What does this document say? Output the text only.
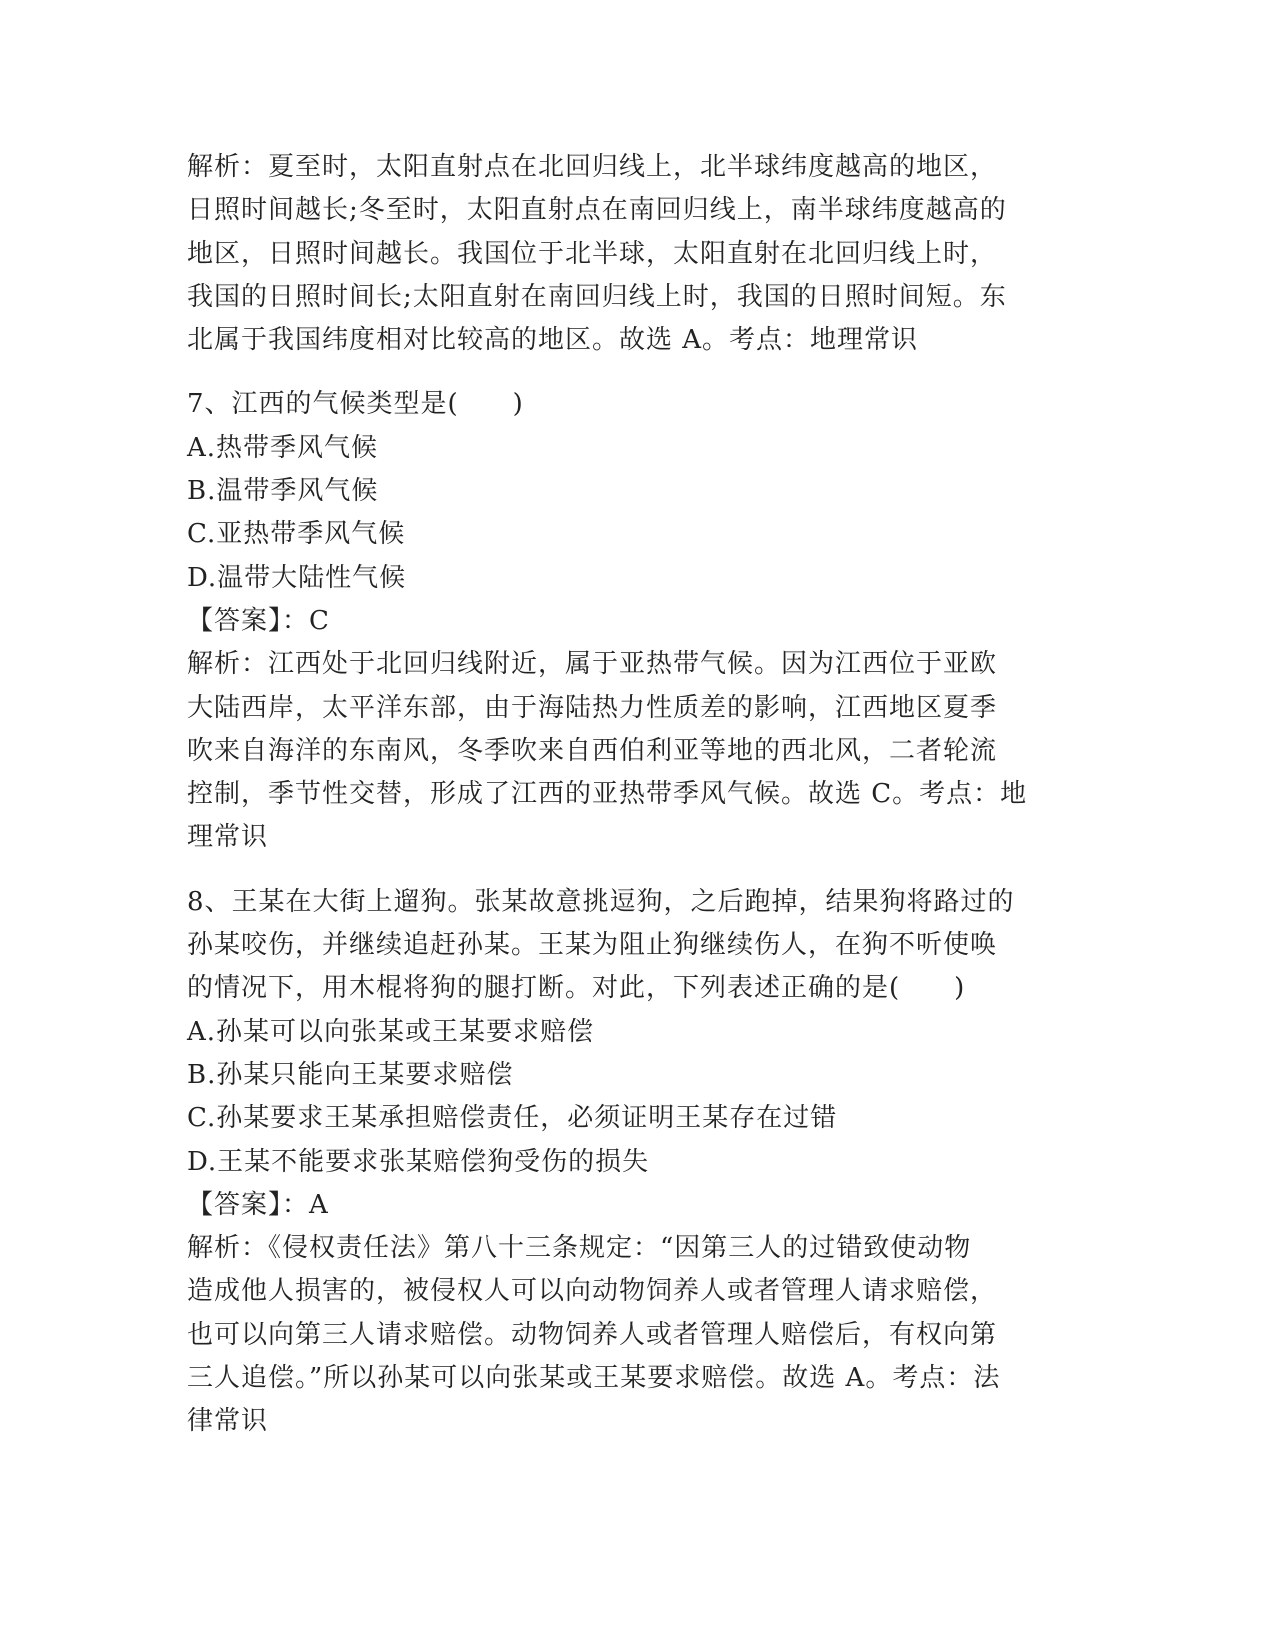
解析：夏至时，太阳直射点在北回归线上，北半球纬度越高的地区，
日照时间越长;冬至时，太阳直射点在南回归线上，南半球纬度越高的
地区，日照时间越长。我国位于北半球，太阳直射在北回归线上时，
我国的日照时间长;太阳直射在南回归线上时，我国的日照时间短。东
北属于我国纬度相对比较高的地区。故选 A。考点：地理常识
7、江西的气候类型是(　　)
A.热带季风气候
B.温带季风气候
C.亚热带季风气候
D.温带大陆性气候
【答案】：C
解析：江西处于北回归线附近，属于亚热带气候。因为江西位于亚欧
大陆西岸，太平洋东部，由于海陆热力性质差的影响，江西地区夏季
吹来自海洋的东南风，冬季吹来自西伯利亚等地的西北风，二者轮流
控制，季节性交替，形成了江西的亚热带季风气候。故选 C。考点：地
理常识
8、王某在大街上遛狗。张某故意挑逗狗，之后跑掉，结果狗将路过的
孙某咬伤，并继续追赶孙某。王某为阻止狗继续伤人，在狗不听使唤
的情况下，用木棍将狗的腿打断。对此，下列表述正确的是(　　)
A.孙某可以向张某或王某要求赔偿
B.孙某只能向王某要求赔偿
C.孙某要求王某承担赔偿责任，必须证明王某存在过错
D.王某不能要求张某赔偿狗受伤的损失
【答案】：A
解析：《侵权责任法》第八十三条规定：“因第三人的过错致使动物
造成他人损害的，被侵权人可以向动物饲养人或者管理人请求赔偿，
也可以向第三人请求赔偿。动物饲养人或者管理人赔偿后，有权向第
三人追偿。”所以孙某可以向张某或王某要求赔偿。故选 A。考点：法
律常识
